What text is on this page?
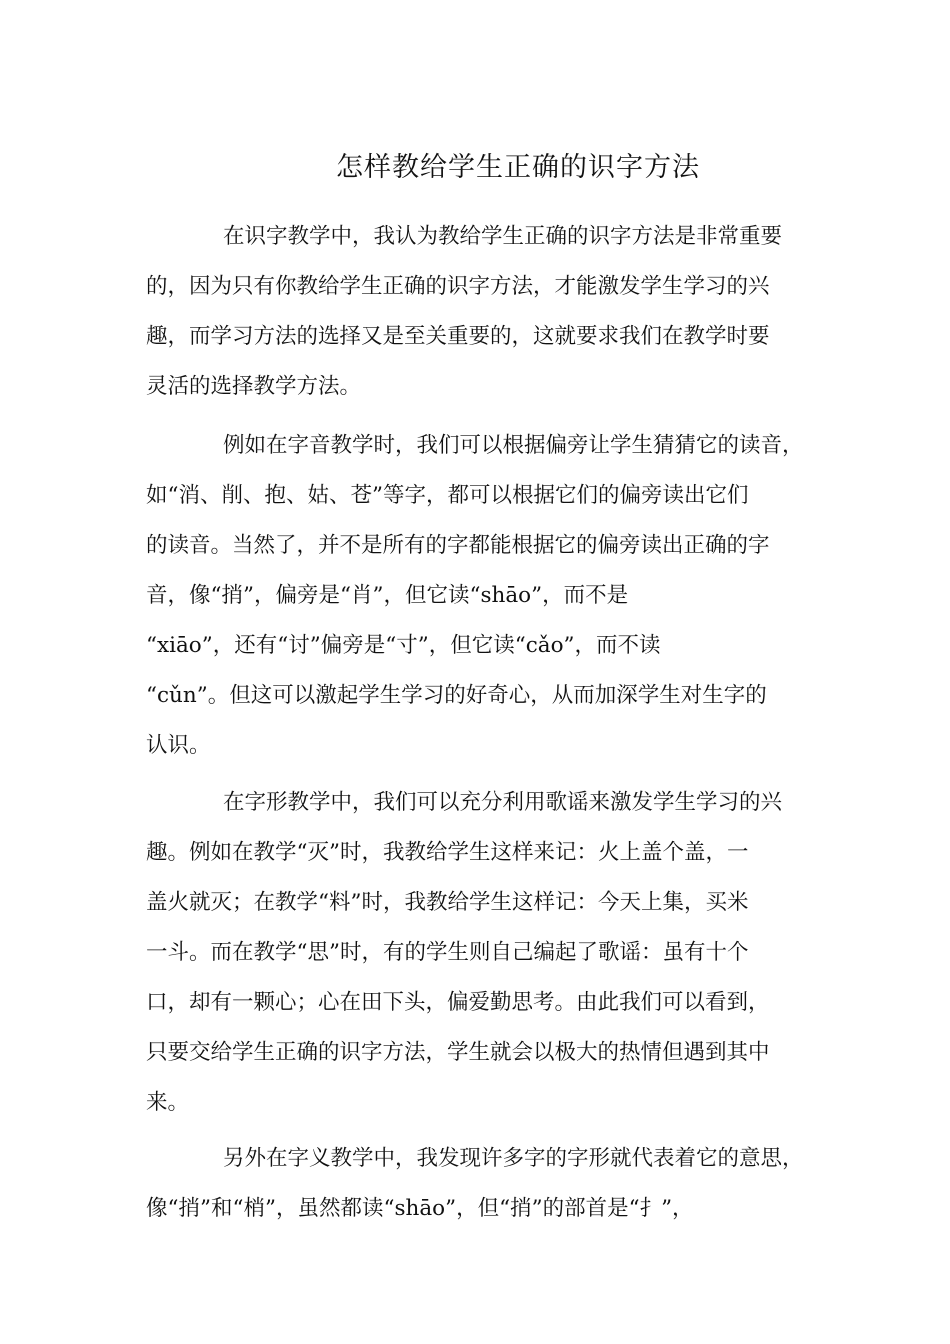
怎样教给学生正确的识字方法
在识字教学中，我认为教给学生正确的识字方法是非常重要
的，因为只有你教给学生正确的识字方法，才能激发学生学习的兴
趣，而学习方法的选择又是至关重要的，这就要求我们在教学时要
灵活的选择教学方法。
例如在字音教学时，我们可以根据偏旁让学生猜猜它的读音，
如“消、削、抱、姑、苍”等字，都可以根据它们的偏旁读出它们
的读音。当然了，并不是所有的字都能根据它的偏旁读出正确的字
音，像“捎”，偏旁是“肖”，但它读“shāo”，而不是
“xiāo”，还有“讨”偏旁是“寸”，但它读“cǎo”，而不读
“cǔn”。但这可以激起学生学习的好奇心，从而加深学生对生字的
认识。
在字形教学中，我们可以充分利用歌谣来激发学生学习的兴
趣。例如在教学“灭”时，我教给学生这样来记：火上盖个盖，一
盖火就灭；在教学“料”时，我教给学生这样记：今天上集，买米
一斗。而在教学“思”时，有的学生则自己编起了歌谣：虽有十个
口，却有一颗心；心在田下头，偏爱勤思考。由此我们可以看到，
只要交给学生正确的识字方法，学生就会以极大的热情但遇到其中
来。
另外在字义教学中，我发现许多字的字形就代表着它的意思，
像“捎”和“梢”，虽然都读“shāo”，但“捎”的部首是“扌”，
